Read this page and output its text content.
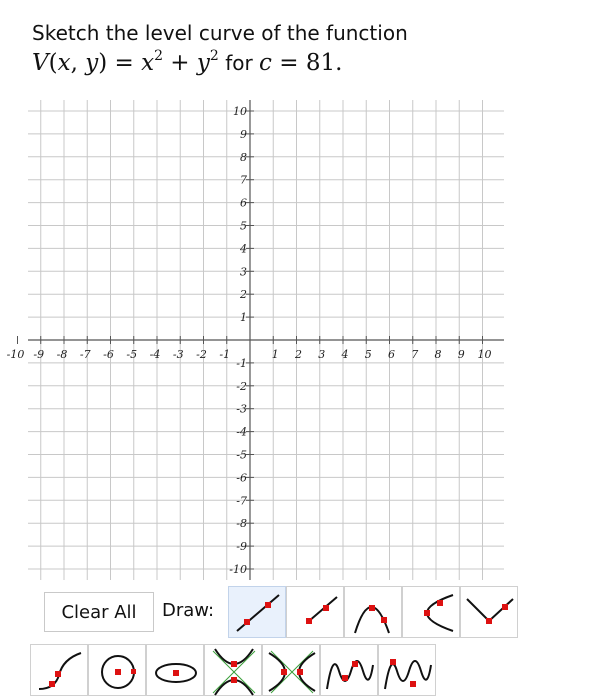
Sketch the level curve of the function
V(x, $y) = x^2 + y^2$ for c = 81.
-10 -9 -8 -7 -6 -5 -4 -3 -2 -1	1 2 3 4 5 6 7 8 9 10
10
9
8
7
6
5
4
3
2
1
-1
-2
-3
-4
-5
-6
-7
-8
-9
-10
Clear All	Draw:
